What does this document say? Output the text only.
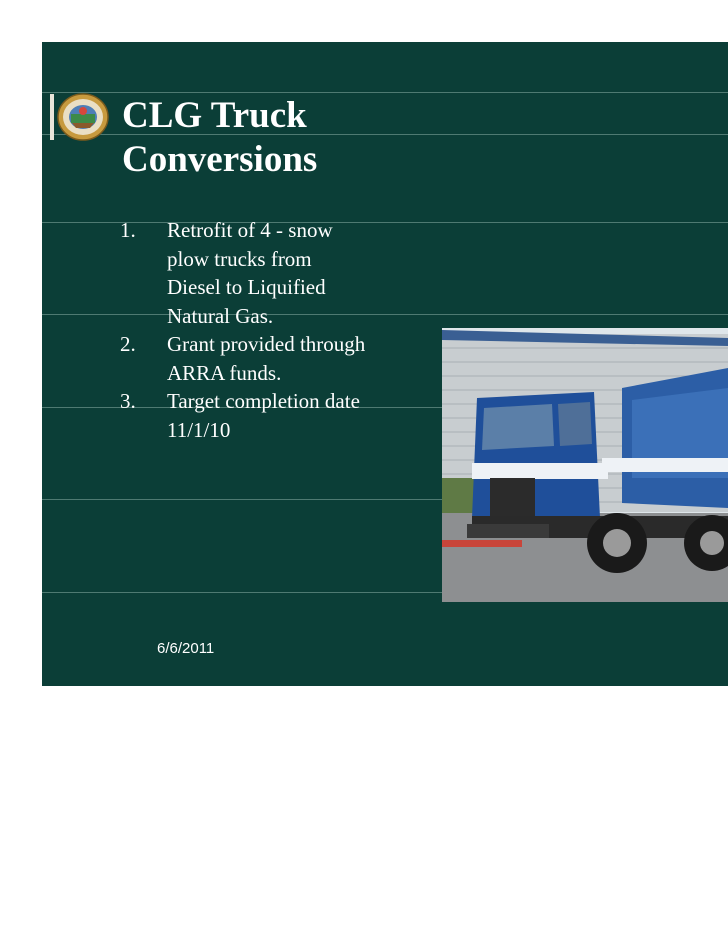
CLG Truck
Conversions
1. Retrofit of 4 - snow
plow trucks from
Diesel to Liquified
Natural Gas.
2. Grant provided through
ARRA funds.
3. Target completion date
11/1/10
6/6/2011
